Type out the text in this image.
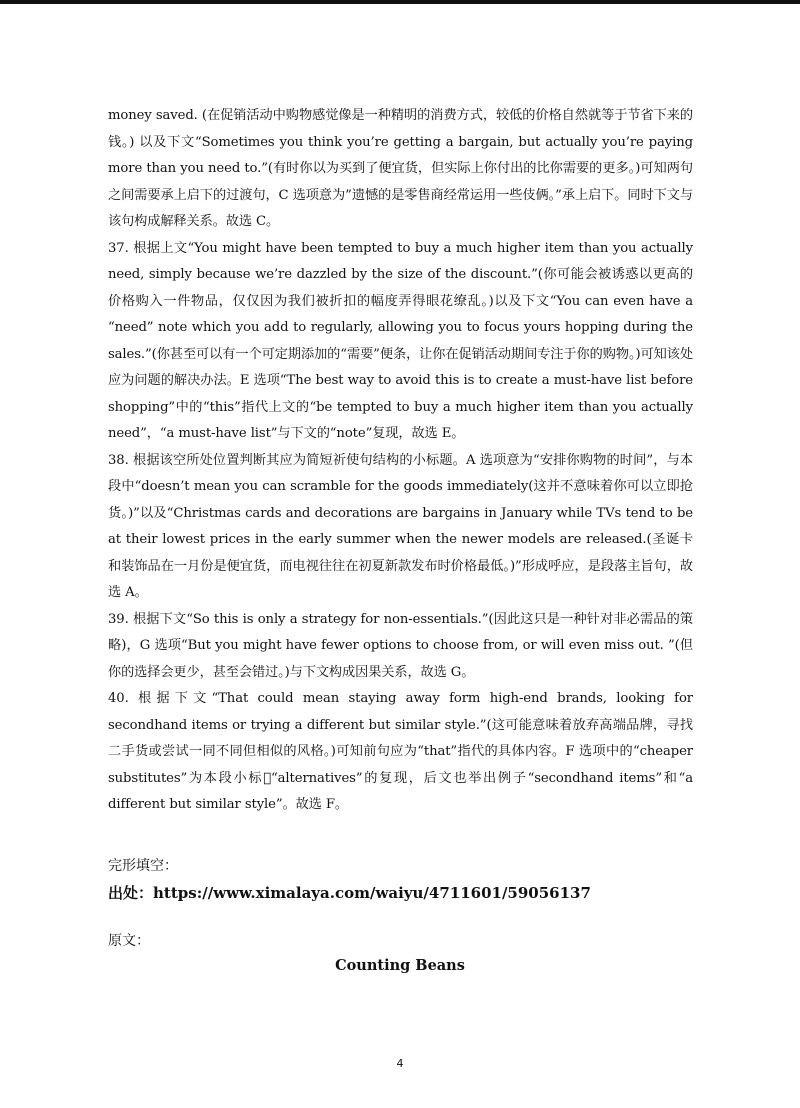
money saved. (在促销活动中购物感觉像是一种精明的消费方式，较低的价格自然就等于节省下来的钱。) 以及下文“Sometimes you think you’re getting a bargain, but actually you’re paying more than you need to.”(有时你以为买到了便宜货，但实际上你付出的比你需要的更多。)可知两句之间需要承上启下的过渡句，C 选项意为”遗憾的是零售商经常运用一些伎俩。”承上启下。同时下文与该句构成解释关系。故选 C。

37. 根据上文“You might have been tempted to buy a much higher item than you actually need, simply because we’re dazzled by the size of the discount.”(你可能会被诱惑以更高的价格购入一件物品，仅仅因为我们被折扣的幅度弄得眼花缭乱。)以及下文“You can even have a “need” note which you add to regularly, allowing you to focus yours hopping during the sales.”(你甚至可以有一个可定期添加的“需要”便条，让你在促销活动期间专注于你的购物。)可知该处应为问题的解决办法。E 选项“The best way to avoid this is to create a must-have list before shopping”中的“this”指代上文的“be tempted to buy a much higher item than you actually need”，“a must-have list”与下文的“note”复现，故选 E。

38. 根据该空所处位置判断其应为简短祈使句结构的小标题。A 选项意为“安排你购物的时间”，与本段中“doesn’t mean you can scramble for the goods immediately(这并不意味着你可以立即抢货。)”以及“Christmas cards and decorations are bargains in January while TVs tend to be at their lowest prices in the early summer when the newer models are released.(圣诞卡和装饰品在一月份是便宜货，而电视往往在初夏新款发布时价格最低。)”形成呼应，是段落主旨句，故选 A。

39. 根据下文“So this is only a strategy for non-essentials.”(因此这只是一种针对非必需品的策略)，G 选项“But you might have fewer options to choose from, or will even miss out. ”(但你的选择会更少，甚至会错过。)与下文构成因果关系，故选 G。

40. 根据下文“That could mean staying away form high-end brands, looking for secondhand items or trying a different but similar style.”(这可能意味着放弃高端品牌，寻找二手货或尝试一同不同但相似的风格。)可知前句应为“that”指代的具体内容。F 选项中的“cheaper substitutes”为本段小标􏰀“alternatives”的复现，后文也举出例子“secondhand items”和“a different but similar style”。故选 F。

完形填空：

出处：https://www.ximalaya.com/waiyu/4711601/59056137

原文：

Counting Beans

4
